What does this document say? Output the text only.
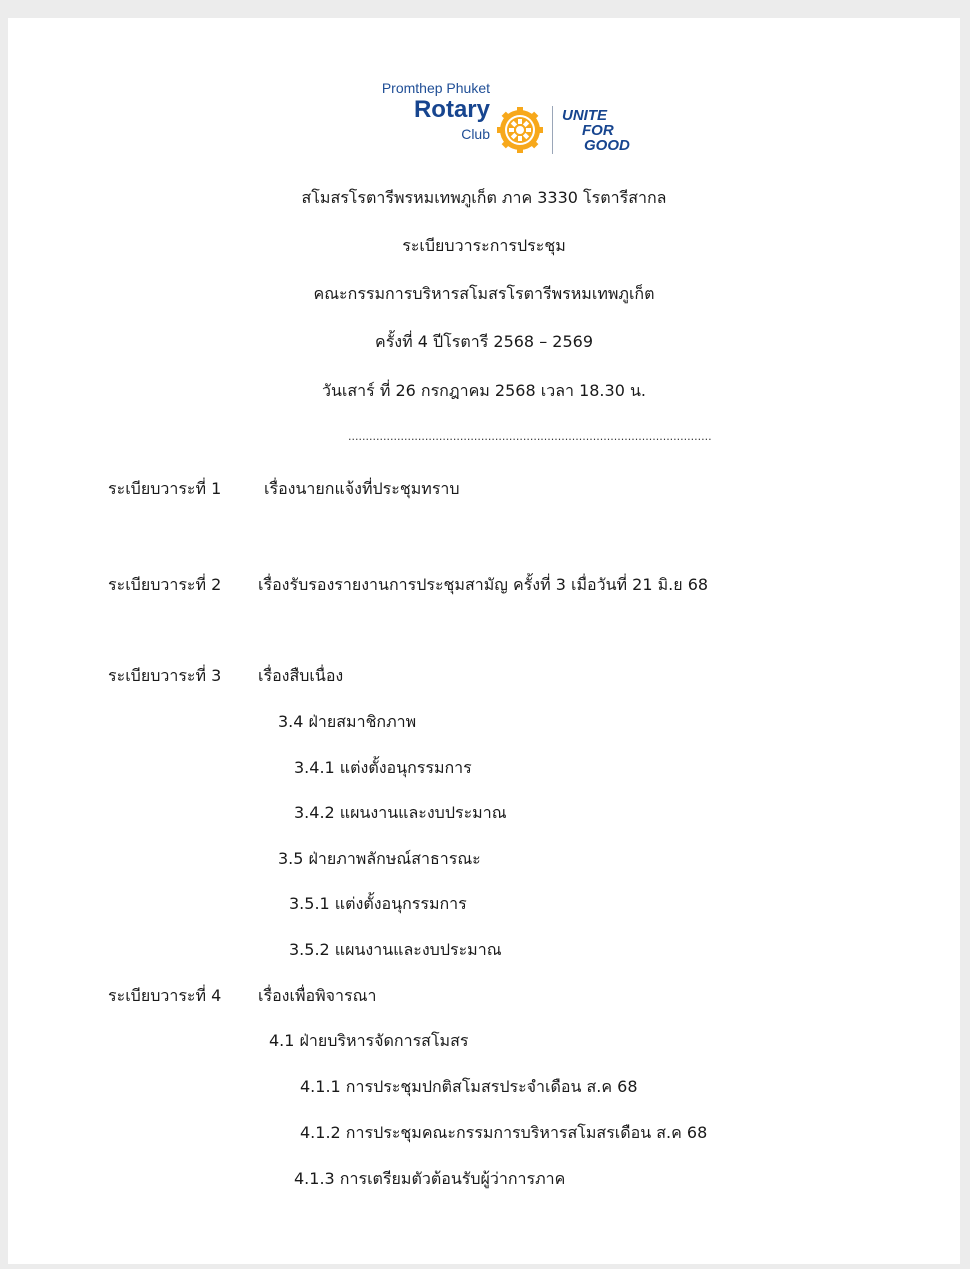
Promthep Phuket
Rotary
Club
UNITE
FOR
GOOD
สโมสรโรตารีพรหมเทพภูเก็ต ภาค 3330 โรตารีสากล
ระเบียบวาระการประชุม
คณะกรรมการบริหารสโมสรโรตารีพรหมเทพภูเก็ต
ครั้งที่ 4 ปีโรตารี 2568 – 2569
วันเสาร์ ที่ 26 กรกฎาคม 2568 เวลา 18.30 น.
........................................................................................................
ระเบียบวาระที่ 1	เรื่องนายกแจ้งที่ประชุมทราบ
ระเบียบวาระที่ 2 เรื่องรับรองรายงานการประชุมสามัญ ครั้งที่ 3 เมื่อวันที่ 21 มิ.ย 68
ระเบียบวาระที่ 3 เรื่องสืบเนื่อง
3.4 ฝ่ายสมาชิกภาพ
3.4.1 แต่งตั้งอนุกรรมการ
3.4.2 แผนงานและงบประมาณ
3.5 ฝ่ายภาพลักษณ์สาธารณะ
3.5.1 แต่งตั้งอนุกรรมการ
3.5.2 แผนงานและงบประมาณ
ระเบียบวาระที่ 4 เรื่องเพื่อพิจารณา
4.1 ฝ่ายบริหารจัดการสโมสร
4.1.1 การประชุมปกติสโมสรประจำเดือน ส.ค 68
4.1.2 การประชุมคณะกรรมการบริหารสโมสรเดือน ส.ค 68
4.1.3 การเตรียมตัวต้อนรับผู้ว่าการภาค
